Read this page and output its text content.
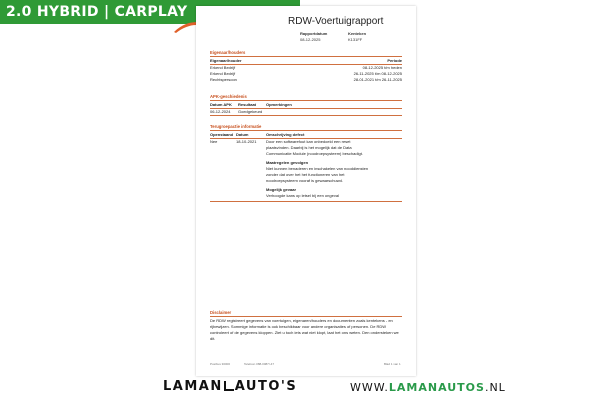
2.0 HYBRID | CARPLAY
RDW-Voertuigrapport
Rapportdatum
08-12-2025
Kenteken
K131FF
Eigenaar/houders
Eigenaar/houder	Periode
Erkend Bedrijf	08-12-2025 t/m heden
Erkend Bedrijf	26-11-2025 t/m 08-12-2025
Rechtspersoon	28-01-2021 t/m 26-11-2025
APK-geschiedenis
Datum APK	Resultaat	Opmerkingen
06-12-2024	Goedgekeurd
Terugroepactie informatie
Openstaand Datum	Omschrijving defect
Nee	18-10-2021	Door een softwarefout kan onbedoeld een reset plaatsvinden. Daarbij is het mogelijk dat de Data Communicatie Module (noodroepsysteem) beschadigt.
Maatregelen gevolgen
Niet kunnen benaderen en inschakelen van nooddiensten zonder dat over het het functioneren van het noodroepsysteem vooraf is gewaarschuwd.
Mogelijk gevaar
Verhoogde kans op letsel bij een ongeval
Disclaimer
De RDW registreert gegevens van voertuigen, eigenaren/houders en documenten zoals kentekens - en rijbewijzen. Sommige informatie is ook beschikbaar voor andere organisaties of personen. De RDW controleert of de gegevens kloppen. Ziet u toch iets wat niet klopt, laat het ons weten. Den ondersteken we dit.
Postbus 30000	Telefoon 088-0087/-47	Blad 1 van 1
LAMAN AUTO'S	WWW.LAMANAUTOS.NL
